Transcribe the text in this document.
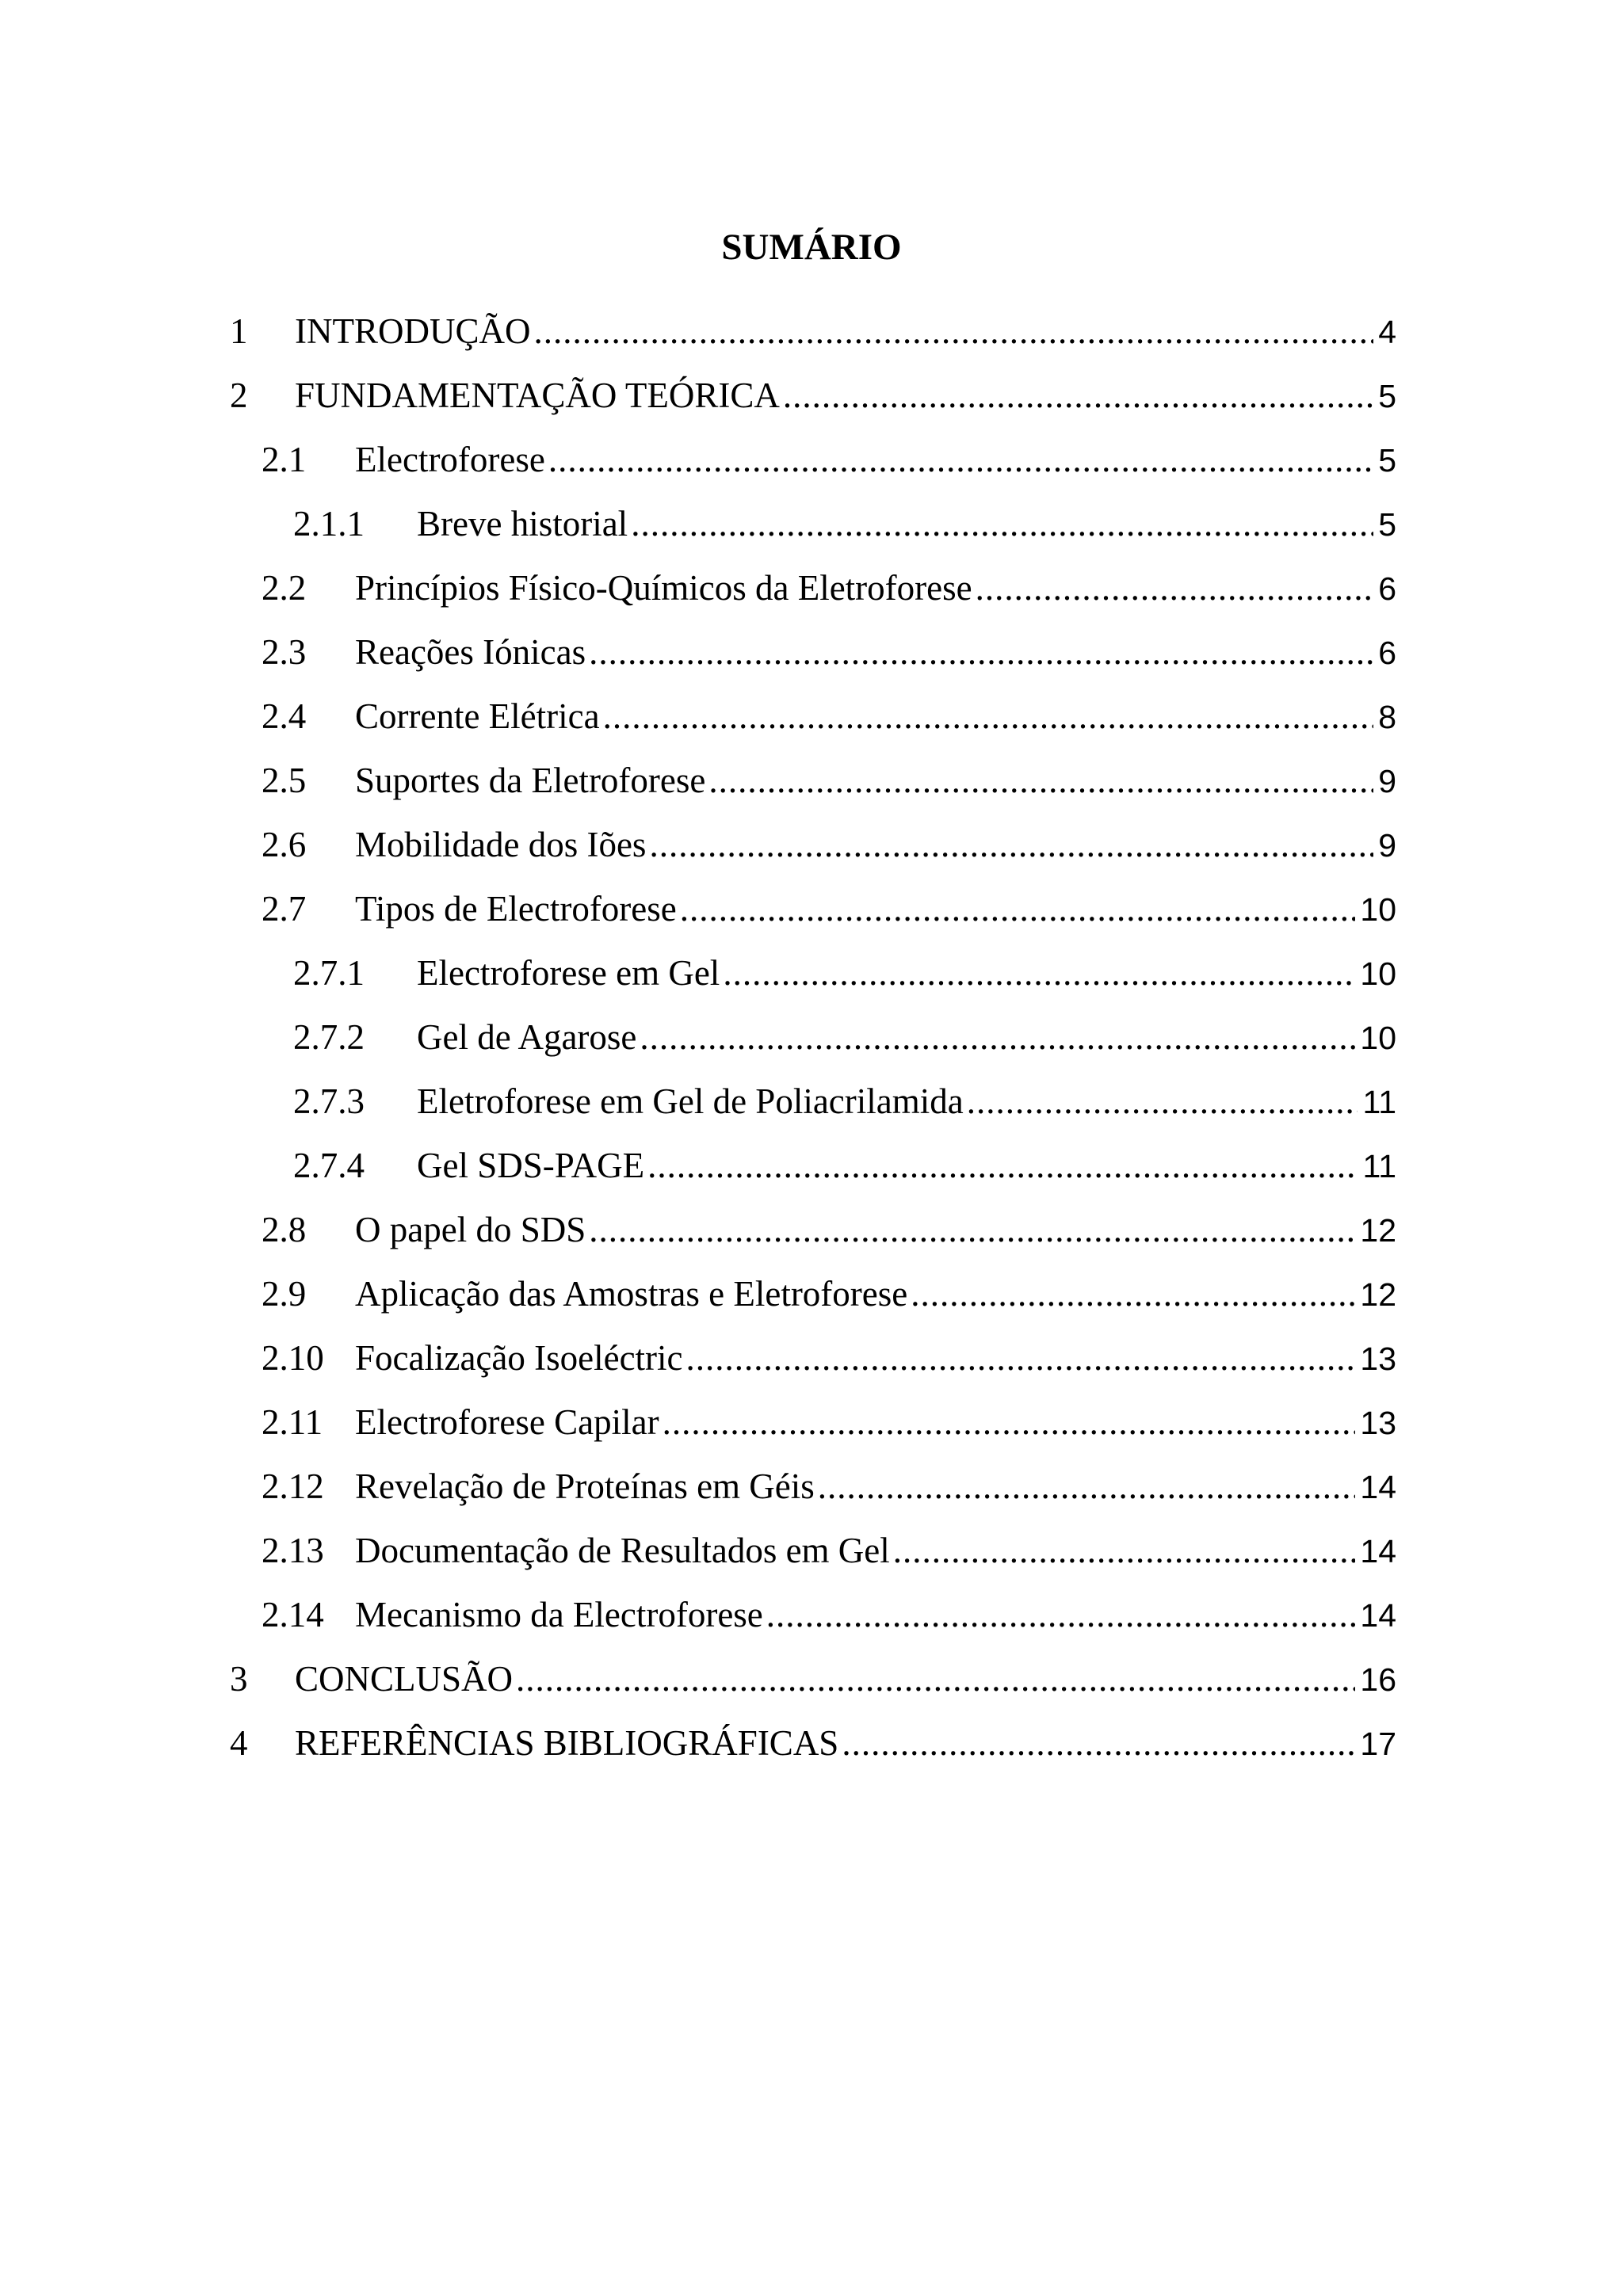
SUMÁRIO
1	INTRODUÇÃO .....	4
2	FUNDAMENTAÇÃO TEÓRICA .....	5
2.1	Electroforese .....	5
2.1.1	Breve historial .....	5
2.2	Princípios Físico-Químicos da Eletroforese .....	6
2.3	Reações Iónicas .....	6
2.4	Corrente Elétrica .....	8
2.5	Suportes da Eletroforese .....	9
2.6	Mobilidade dos Iões .....	9
2.7	Tipos de Electroforese .....	10
2.7.1	Electroforese em Gel .....	10
2.7.2	Gel de Agarose .....	10
2.7.3	Eletroforese em Gel de Poliacrilamida .....	11
2.7.4	Gel SDS-PAGE .....	11
2.8	O papel do SDS .....	12
2.9	Aplicação das Amostras e Eletroforese .....	12
2.10 Focalização Isoeléctric .....	13
2.11 Electroforese Capilar .....	13
2.12 Revelação de Proteínas em Géis .....	14
2.13 Documentação de Resultados em Gel .....	14
2.14 Mecanismo da Electroforese .....	14
3	CONCLUSÃO .....	16
4	REFERÊNCIAS BIBLIOGRÁFICAS .....	17
